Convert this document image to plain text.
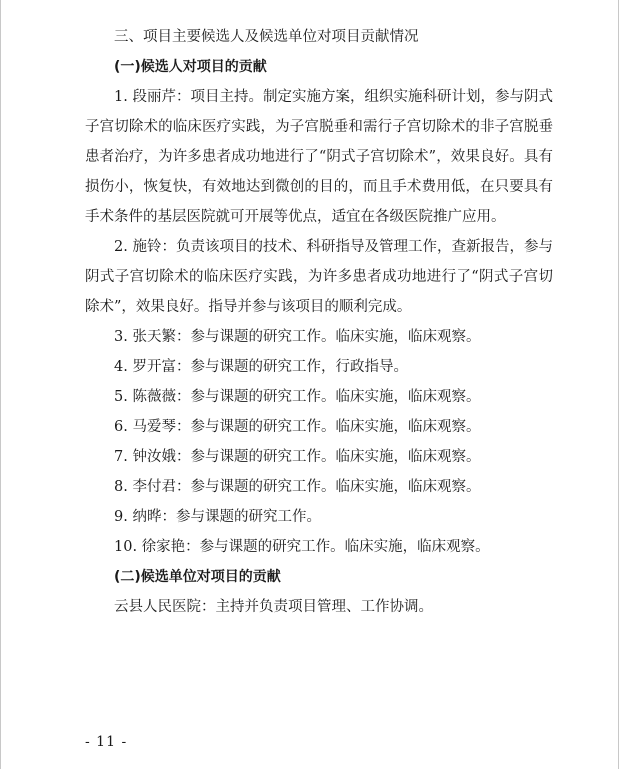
三、项目主要候选人及候选单位对项目贡献情况

(一)候选人对项目的贡献

1. 段丽芹：项目主持。制定实施方案，组织实施科研计划，参与阴式子宫切除术的临床医疗实践，为子宫脱垂和需行子宫切除术的非子宫脱垂患者治疗，为许多患者成功地进行了“阴式子宫切除术”，效果良好。具有损伤小，恢复快，有效地达到微创的目的，而且手术费用低，在只要具有手术条件的基层医院就可开展等优点，适宜在各级医院推广应用。

2. 施铃：负责该项目的技术、科研指导及管理工作，查新报告，参与阴式子宫切除术的临床医疗实践，为许多患者成功地进行了“阴式子宫切除术”，效果良好。指导并参与该项目的顺利完成。

3. 张天繁：参与课题的研究工作。临床实施，临床观察。

4. 罗开富：参与课题的研究工作，行政指导。

5. 陈薇薇：参与课题的研究工作。临床实施，临床观察。

6. 马爱琴：参与课题的研究工作。临床实施，临床观察。

7. 钟汝娥：参与课题的研究工作。临床实施，临床观察。

8. 李付君：参与课题的研究工作。临床实施，临床观察。

9. 纳晔：参与课题的研究工作。

10. 徐家艳：参与课题的研究工作。临床实施，临床观察。

(二)候选单位对项目的贡献

云县人民医院：主持并负责项目管理、工作协调。

- 11 -
